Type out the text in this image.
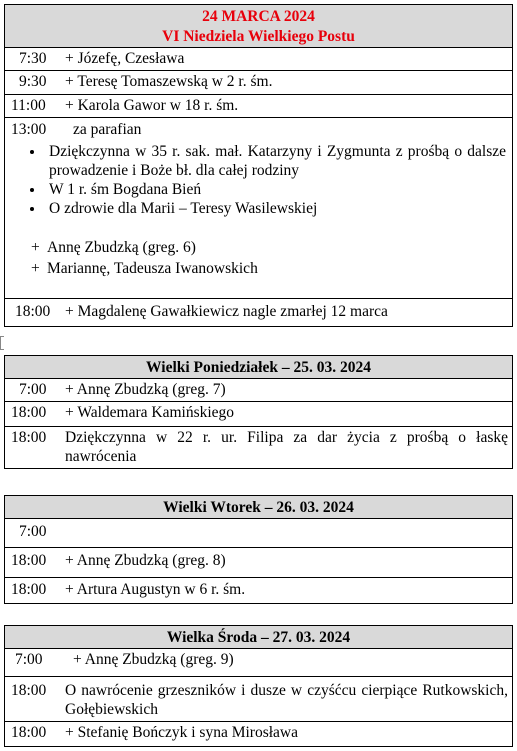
24 MARCA 2024
VI Niedziela Wielkiego Postu

7:30	+ Józefę, Czesława

9:30	+ Teresę Tomaszewską w 2 r. śm.

11:00	+ Karola Gawor w 18 r. śm.

13:00	za parafian
• Dziękczynna w 35 r. sak. mał. Katarzyny i Zygmunta z prośbą o dalsze prowadzenie i Boże bł. dla całej rodziny
• W 1 r. śm Bogdana Bień
• O zdrowie dla Marii – Teresy Wasilewskiej
+ Annę Zbudzką (greg. 6)
+ Mariannę, Tadeusza Iwanowskich

18:00 + Magdalenę Gawałkiewicz nagle zmarłej 12 marca
Wielki Poniedziałek – 25. 03. 2024

7:00	+ Annę Zbudzką (greg. 7)

18:00	+ Waldemara Kamińskiego

18:00	Dziękczynna w 22 r. ur. Filipa za dar życia z prośbą o łaskę nawrócenia
Wielki Wtorek – 26. 03. 2024

7:00

18:00	+ Annę Zbudzką (greg. 8)

18:00	+ Artura Augustyn w 6 r. śm.
Wielka Środa – 27. 03. 2024

7:00	+ Annę Zbudzką (greg. 9)

18:00	O nawrócenie grzeszników i dusze w czyśćcu cierpiące Rutkowskich, Gołębiewskich

18:00	+ Stefanię Bończyk i syna Mirosława
